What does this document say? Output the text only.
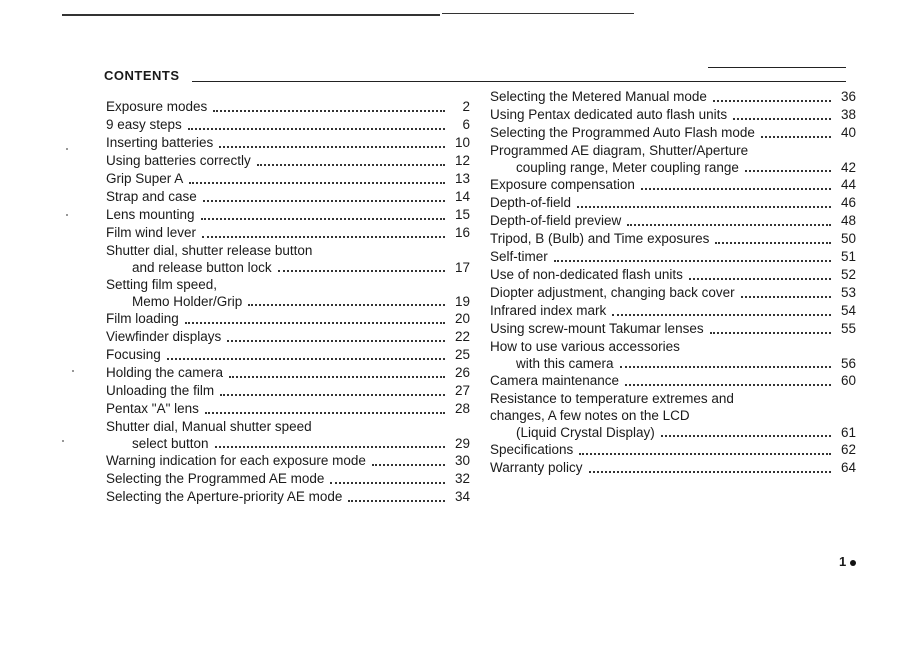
CONTENTS
Exposure modes	2
9 easy steps	6
Inserting batteries	10
Using batteries correctly	12
Grip Super A	13
Strap and case	14
Lens mounting	15
Film wind lever	16
Shutter dial, shutter release button
and release button lock	17
Setting film speed,
Memo Holder/Grip	19
Film loading	20
Viewfinder displays	22
Focusing	25
Holding the camera	26
Unloading the film	27
Pentax "A" lens	28
Shutter dial, Manual shutter speed
select button	29
Warning indication for each exposure mode	30
Selecting the Programmed AE mode	32
Selecting the Aperture-priority AE mode	34
Selecting the Metered Manual mode	36
Using Pentax dedicated auto flash units	38
Selecting the Programmed Auto Flash mode	40
Programmed AE diagram, Shutter/Aperture
coupling range, Meter coupling range	42
Exposure compensation	44
Depth-of-field	46
Depth-of-field preview	48
Tripod, B (Bulb) and Time exposures	50
Self-timer	51
Use of non-dedicated flash units	52
Diopter adjustment, changing back cover	53
Infrared index mark	54
Using screw-mount Takumar lenses	55
How to use various accessories
with this camera	56
Camera maintenance	60
Resistance to temperature extremes and
changes, A few notes on the LCD
(Liquid Crystal Display)	61
Specifications	62
Warranty policy	64
1
